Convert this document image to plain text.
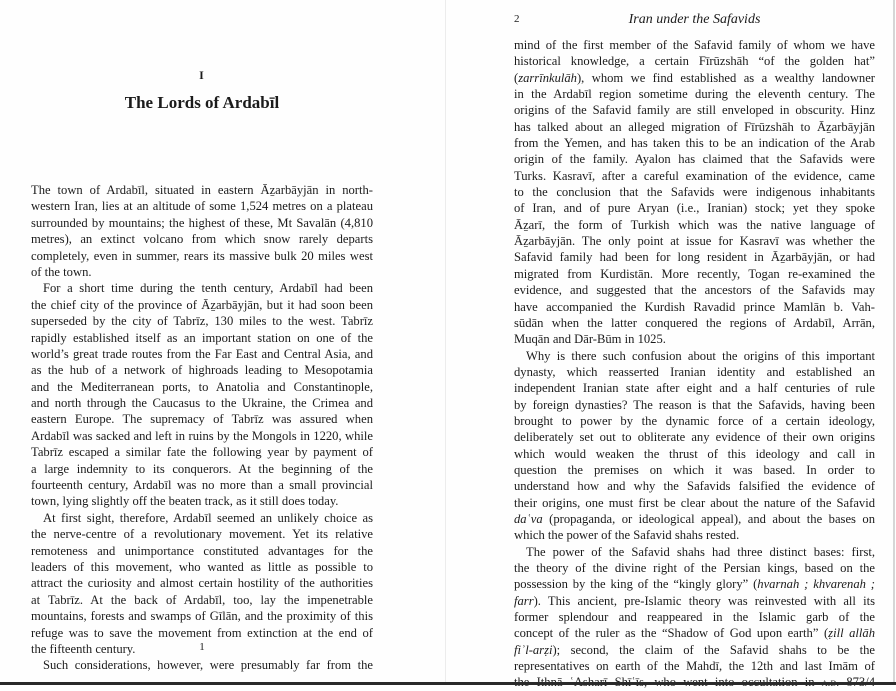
I
The Lords of Ardabīl
The town of Ardabīl, situated in eastern Āẕarbāyjān in north-
western Iran, lies at an altitude of some 1,524 metres on a plateau
surrounded by mountains; the highest of these, Mt Savalān (4,810
metres), an extinct volcano from which snow rarely departs
completely, even in summer, rears its massive bulk 20 miles west
of the town.
For a short time during the tenth century, Ardabīl had been
the chief city of the province of Āẕarbāyjān, but it had soon been
superseded by the city of Tabrīz, 130 miles to the west. Tabrīz
rapidly established itself as an important station on one of the
world’s great trade routes from the Far East and Central Asia, and
as the hub of a network of highroads leading to Mesopotamia
and the Mediterranean ports, to Anatolia and Constantinople,
and north through the Caucasus to the Ukraine, the Crimea and
eastern Europe. The supremacy of Tabrīz was assured when
Ardabīl was sacked and left in ruins by the Mongols in 1220, while
Tabrīz escaped a similar fate the following year by payment of
a large indemnity to its conquerors. At the beginning of the
fourteenth century, Ardabīl was no more than a small provincial
town, lying slightly off the beaten track, as it still does today.
At first sight, therefore, Ardabīl seemed an unlikely choice as
the nerve-centre of a revolutionary movement. Yet its relative
remoteness and unimportance constituted advantages for the
leaders of this movement, who wanted as little as possible to
attract the curiosity and almost certain hostility of the authorities
at Tabrīz. At the back of Ardabīl, too, lay the impenetrable
mountains, forests and swamps of Gīlān, and the proximity of this
refuge was to save the movement from extinction at the end of
the fifteenth century.
Such considerations, however, were presumably far from the
1
2	Iran under the Safavids
mind of the first member of the Safavid family of whom we have
historical knowledge, a certain Fīrūzshāh “of the golden hat”
(zarrīnkulāh), whom we find established as a wealthy landowner
in the Ardabīl region sometime during the eleventh century. The
origins of the Safavid family are still enveloped in obscurity. Hinz
has talked about an alleged migration of Fīrūzshāh to Āẕarbāyjān
from the Yemen, and has taken this to be an indication of the Arab
origin of the family. Ayalon has claimed that the Safavids were
Turks. Kasravī, after a careful examination of the evidence, came
to the conclusion that the Safavids were indigenous inhabitants
of Iran, and of pure Aryan (i.e., Iranian) stock; yet they spoke
Āẕarī, the form of Turkish which was the native language of
Āẕarbāyjān. The only point at issue for Kasravī was whether the
Safavid family had been for long resident in Āẕarbāyjān, or had
migrated from Kurdistān. More recently, Togan re-examined the
evidence, and suggested that the ancestors of the Safavids may
have accompanied the Kurdish Ravadid prince Mamlān b. Vah-
sūdān when the latter conquered the regions of Ardabīl, Arrān,
Muqān and Dār-Būm in 1025.
Why is there such confusion about the origins of this important
dynasty, which reasserted Iranian identity and established an
independent Iranian state after eight and a half centuries of rule
by foreign dynasties? The reason is that the Safavids, having been
brought to power by the dynamic force of a certain ideology,
deliberately set out to obliterate any evidence of their own origins
which would weaken the thrust of this ideology and call in
question the premises on which it was based. In order to
understand how and why the Safavids falsified the evidence of
their origins, one must first be clear about the nature of the Safavid
daʿva (propaganda, or ideological appeal), and about the bases on
which the power of the Safavid shahs rested.
The power of the Safavid shahs had three distinct bases: first,
the theory of the divine right of the Persian kings, based on the
possession by the king of the “kingly glory” (hvarnah ; khvarenah ;
farr). This ancient, pre-Islamic theory was reinvested with all its
former splendour and reappeared in the Islamic garb of the
concept of the ruler as the “Shadow of God upon earth” (ẓill allāh
fiʾl-arẓi); second, the claim of the Safavid shahs to be the
representatives on earth of the Mahdī, the 12th and last Imām of
